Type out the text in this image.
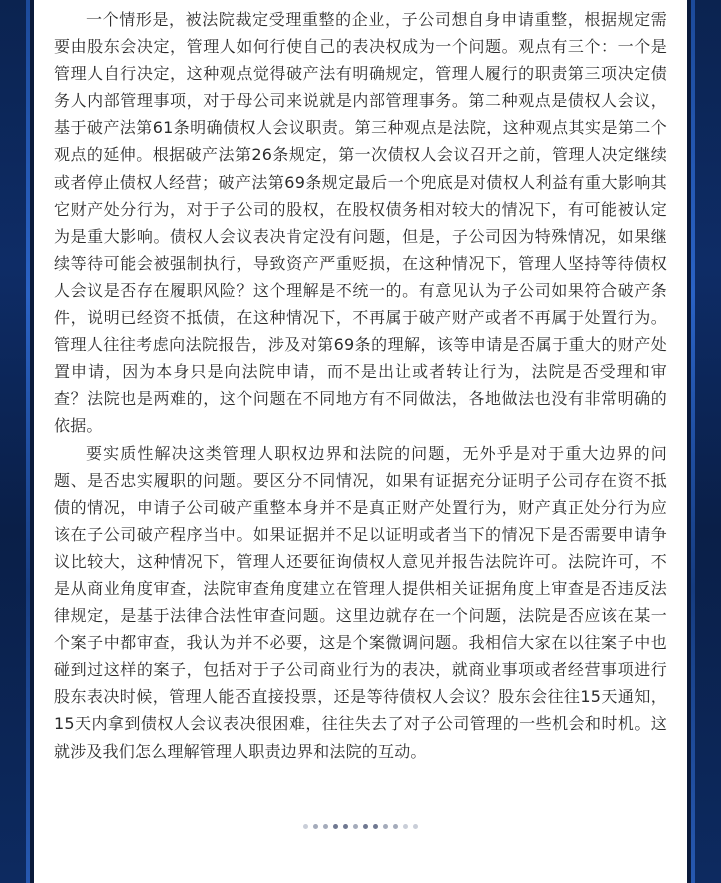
一个情形是，被法院裁定受理重整的企业，子公司想自身申请重整，根据规定需要由股东会决定，管理人如何行使自己的表决权成为一个问题。观点有三个：一个是管理人自行决定，这种观点觉得破产法有明确规定，管理人履行的职责第三项决定债务人内部管理事项，对于母公司来说就是内部管理事务。第二种观点是债权人会议，基于破产法第61条明确债权人会议职责。第三种观点是法院，这种观点其实是第二个观点的延伸。根据破产法第26条规定，第一次债权人会议召开之前，管理人决定继续或者停止债权人经营；破产法第69条规定最后一个兜底是对债权人利益有重大影响其它财产处分行为，对于子公司的股权，在股权债务相对较大的情况下，有可能被认定为是重大影响。债权人会议表决肯定没有问题，但是，子公司因为特殊情况，如果继续等待可能会被强制执行，导致资产严重贬损，在这种情况下，管理人坚持等待债权人会议是否存在履职风险？这个理解是不统一的。有意见认为子公司如果符合破产条件，说明已经资不抵债，在这种情况下，不再属于破产财产或者不再属于处置行为。管理人往往考虑向法院报告，涉及对第69条的理解，该等申请是否属于重大的财产处置申请，因为本身只是向法院申请，而不是出让或者转让行为，法院是否受理和审查？法院也是两难的，这个问题在不同地方有不同做法，各地做法也没有非常明确的依据。

要实质性解决这类管理人职权边界和法院的问题，无外乎是对于重大边界的问题、是否忠实履职的问题。要区分不同情况，如果有证据充分证明子公司存在资不抵债的情况，申请子公司破产重整本身并不是真正财产处置行为，财产真正处分行为应该在子公司破产程序当中。如果证据并不足以证明或者当下的情况下是否需要申请争议比较大，这种情况下，管理人还要征询债权人意见并报告法院许可。法院许可，不是从商业角度审查，法院审查角度建立在管理人提供相关证据角度上审查是否违反法律规定，是基于法律合法性审查问题。这里边就存在一个问题，法院是否应该在某一个案子中都审查，我认为并不必要，这是个案微调问题。我相信大家在以往案子中也碰到过这样的案子，包括对于子公司商业行为的表决，就商业事项或者经营事项进行股东表决时候，管理人能否直接投票，还是等待债权人会议？股东会往往15天通知，15天内拿到债权人会议表决很困难，往往失去了对子公司管理的一些机会和时机。这就涉及我们怎么理解管理人职责边界和法院的互动。
